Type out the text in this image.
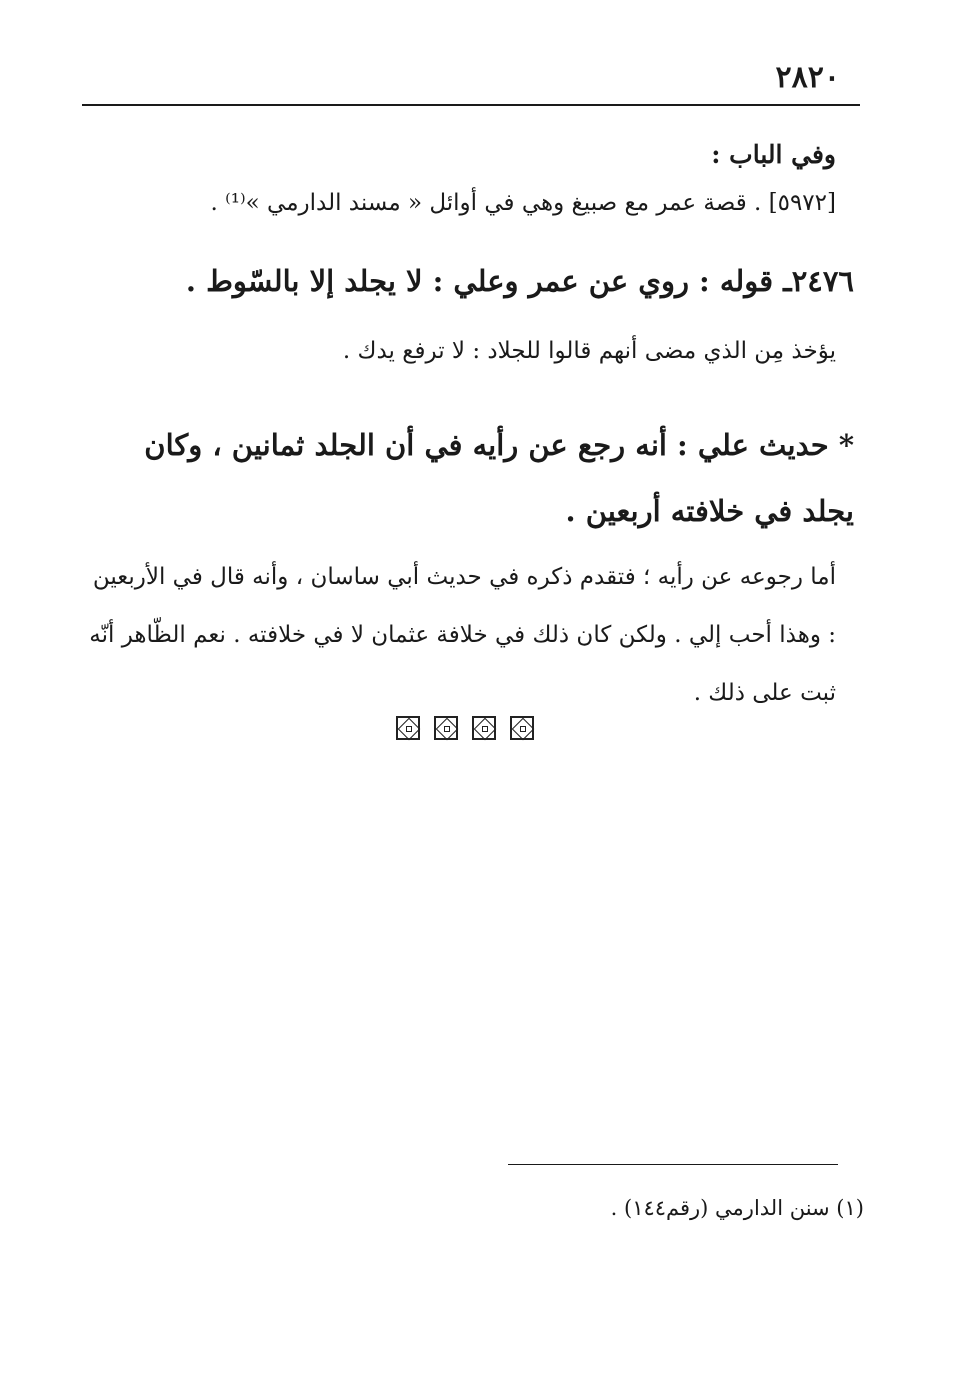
٢٨٢٠
وفي الباب :
[٥٩٧٢] . قصة عمر مع صبيغ وهي في أوائل « مسند الدارمي »⁽¹⁾ .
٢٤٧٦ـ قوله : روي عن عمر وعلي : لا يجلد إلا بالسّوط .
يؤخذ مِن الذي مضى أنهم قالوا للجلاد : لا ترفع يدك .
* حديث علي : أنه رجع عن رأيه في أن الجلد ثمانين ، وكان يجلد في خلافته أربعين .
أما رجوعه عن رأيه ؛ فتقدم ذكره في حديث أبي ساسان ، وأنه قال في الأربعين : وهذا أحب إلي . ولكن كان ذلك في خلافة عثمان لا في خلافته . نعم الظّاهر أنّه ثبت على ذلك .
(١) سنن الدارمي (رقم١٤٤) .
